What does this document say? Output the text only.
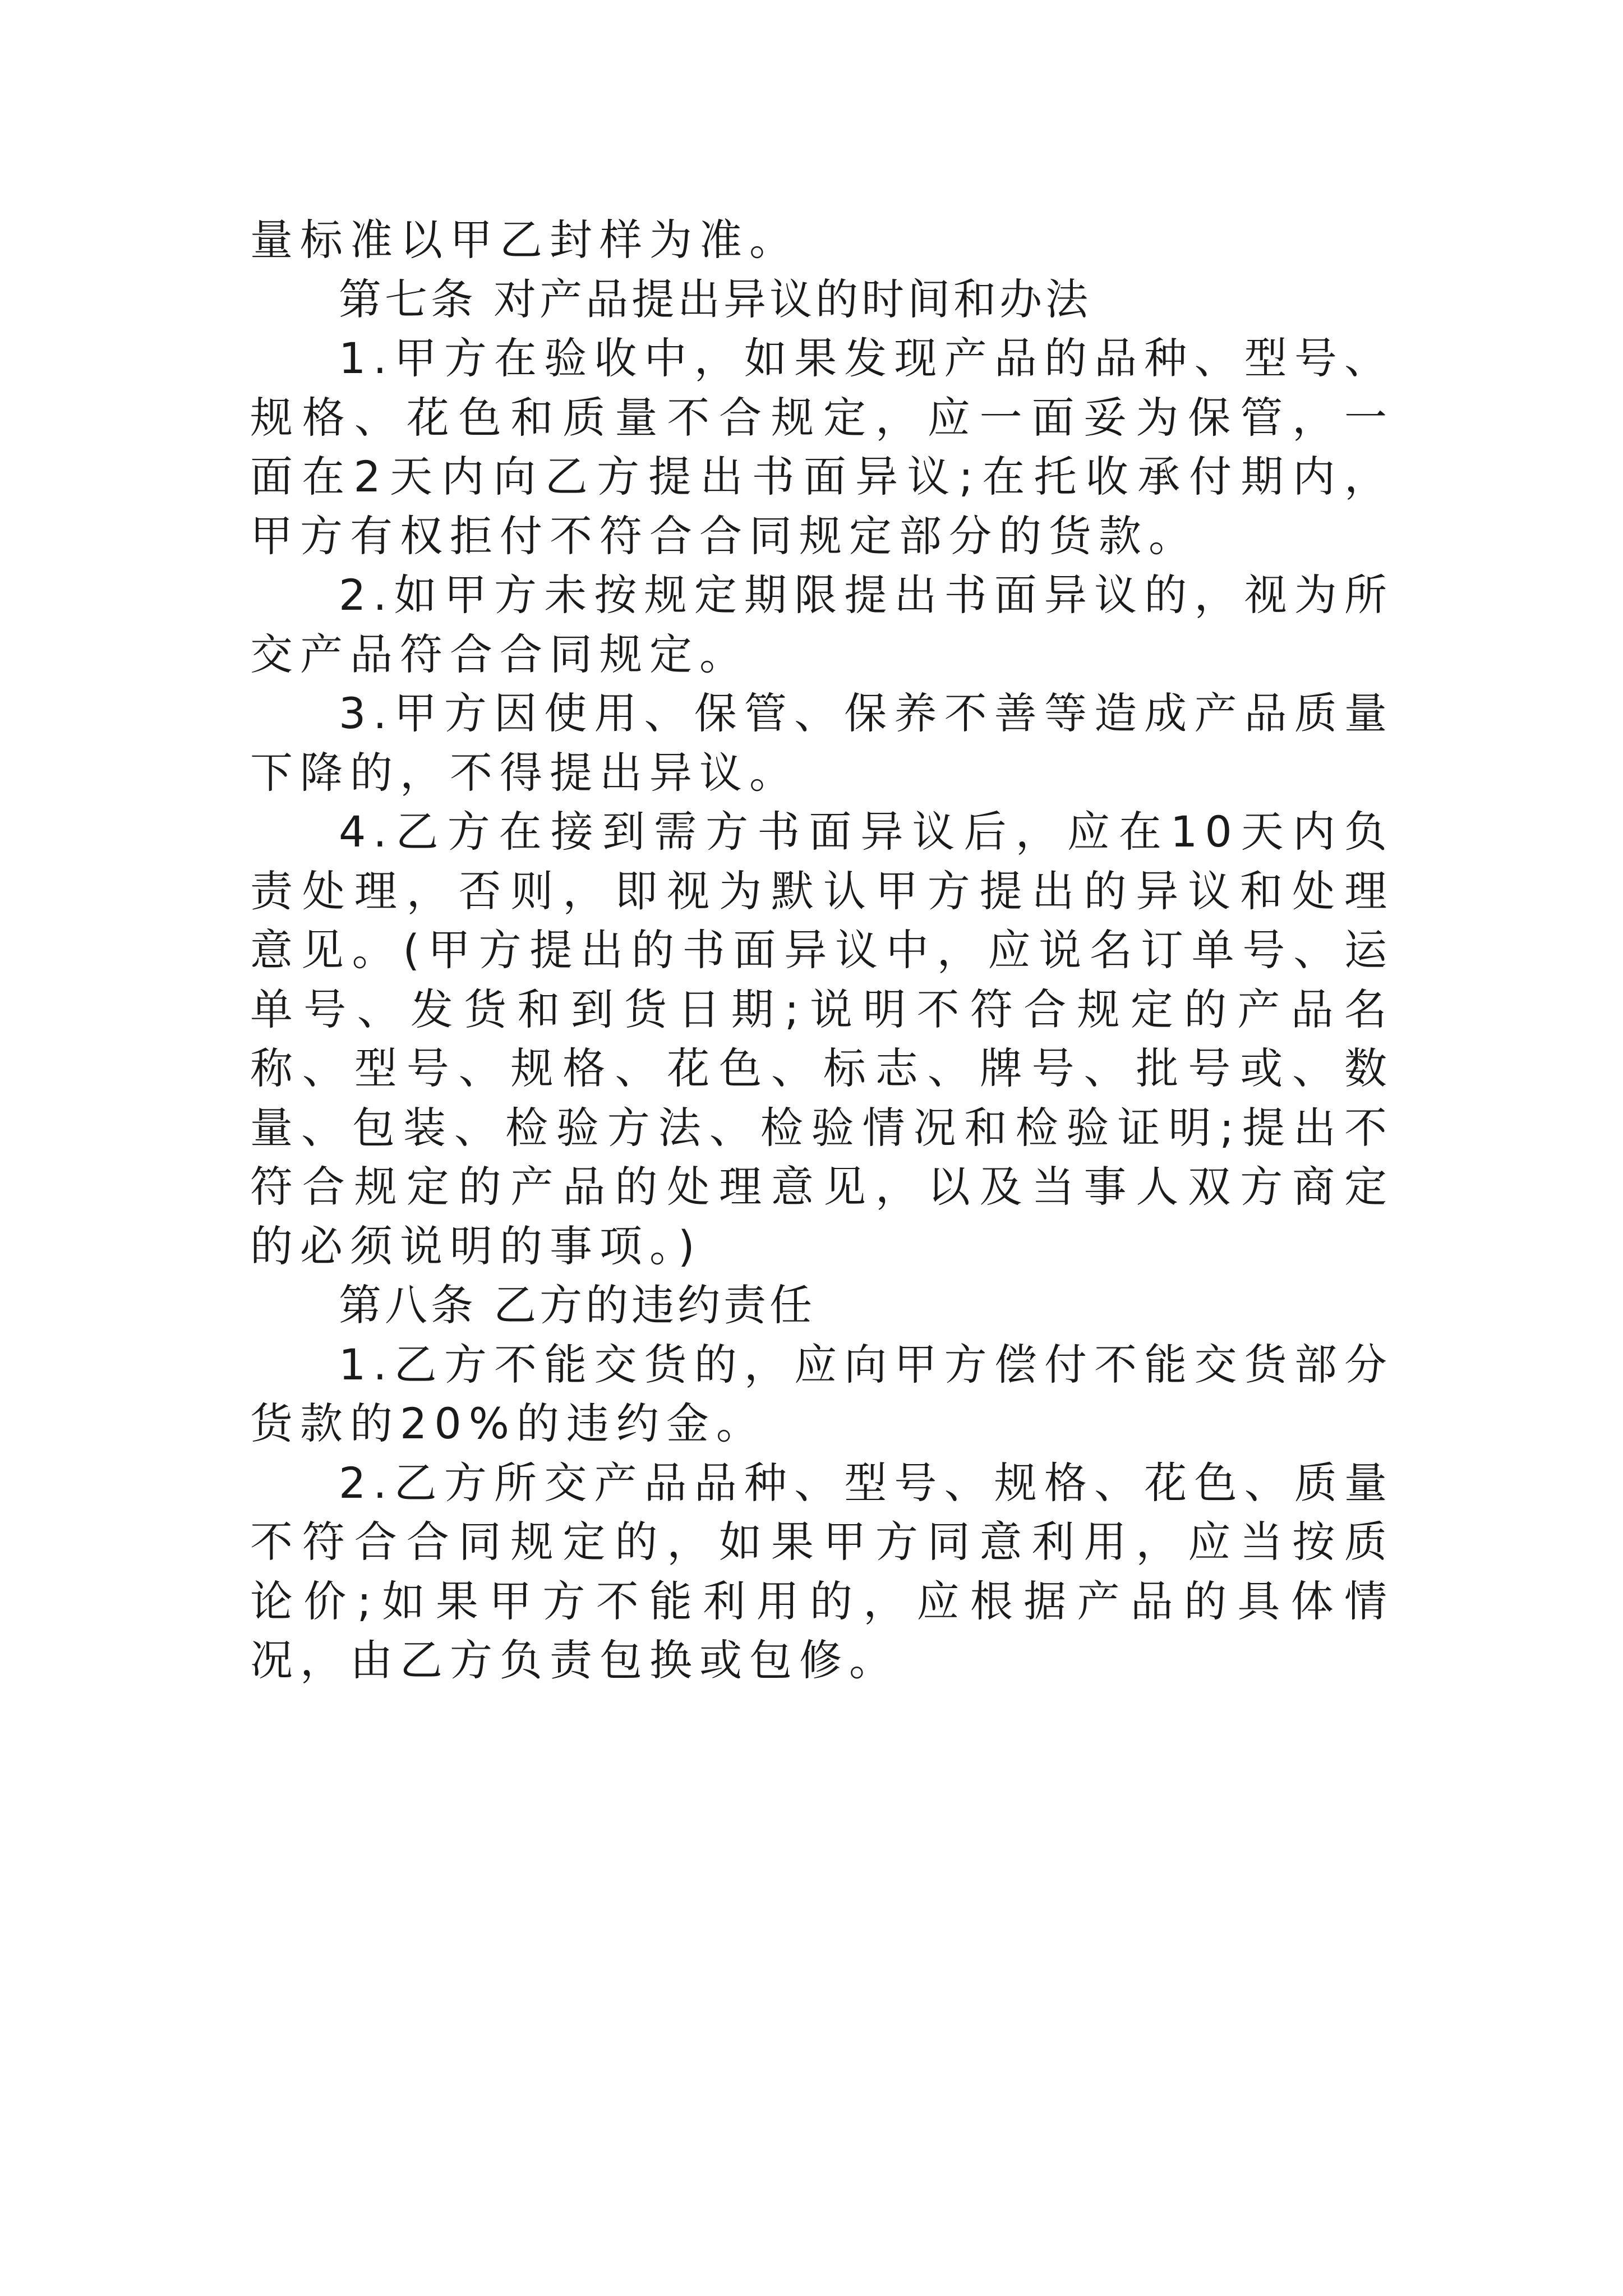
量标准以甲乙封样为准。

第七条 对产品提出异议的时间和办法

1.甲方在验收中，如果发现产品的品种、型号、规格、花色和质量不合规定，应一面妥为保管，一面在2天内向乙方提出书面异议;在托收承付期内，甲方有权拒付不符合合同规定部分的货款。

2.如甲方未按规定期限提出书面异议的，视为所交产品符合合同规定。

3.甲方因使用、保管、保养不善等造成产品质量下降的，不得提出异议。

4.乙方在接到需方书面异议后，应在10天内负责处理，否则，即视为默认甲方提出的异议和处理意见。(甲方提出的书面异议中，应说名订单号、运单号、发货和到货日期;说明不符合规定的产品名称、型号、规格、花色、标志、牌号、批号或、数量、包装、检验方法、检验情况和检验证明;提出不符合规定的产品的处理意见，以及当事人双方商定的必须说明的事项。)

第八条 乙方的违约责任

1.乙方不能交货的，应向甲方偿付不能交货部分货款的20%的违约金。

2.乙方所交产品品种、型号、规格、花色、质量不符合合同规定的，如果甲方同意利用，应当按质论价;如果甲方不能利用的，应根据产品的具体情况，由乙方负责包换或包修。
